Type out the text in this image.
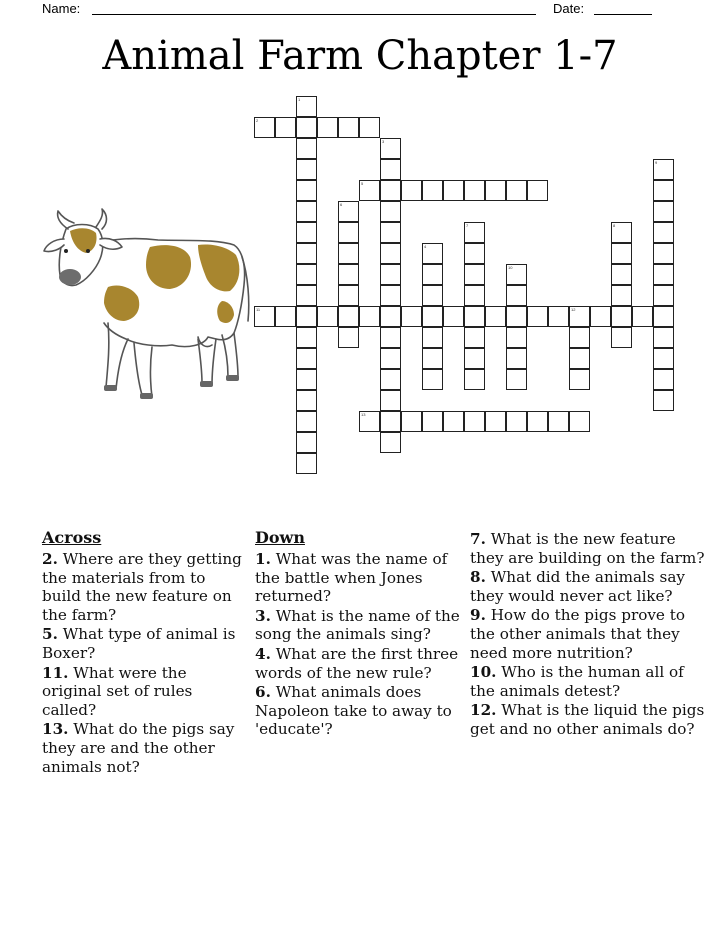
Name:	Date:
Animal Farm Chapter 1-7
1
2
3
4
5
6
7	8
9
10
11	12
13
Across
2. Where are they getting the materials from to build the new feature on the farm?
5. What type of animal is Boxer?
11. What were the original set of rules called?
13. What do the pigs say they are and the other animals not?
Down
1. What was the name of the battle when Jones returned?
3. What is the name of the song the animals sing?
4. What are the first three words of the new rule?
6. What animals does Napoleon take to away to 'educate'?
7. What is the new feature they are building on the farm?
8. What did the animals say they would never act like?
9. How do the pigs prove to the other animals that they need more nutrition?
10. Who is the human all of the animals detest?
12. What is the liquid the pigs get and no other animals do?
